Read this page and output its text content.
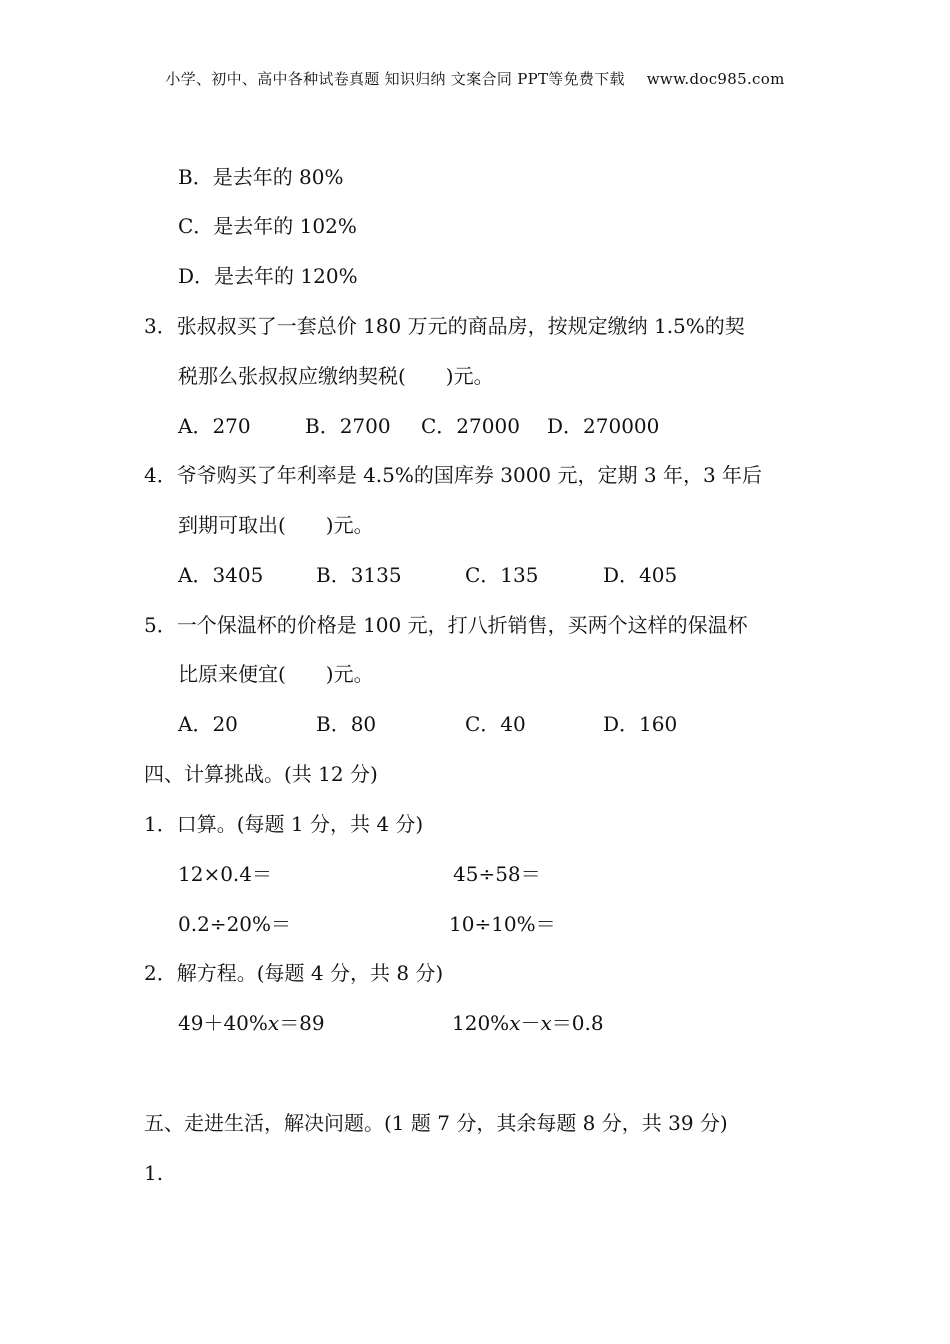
小学、初中、高中各种试卷真题 知识归纳 文案合同 PPT等免费下载 www.doc985.com
B．是去年的 80%
C．是去年的 102%
D．是去年的 120%
3．张叔叔买了一套总价 180 万元的商品房，按规定缴纳 1.5%的契
税那么张叔叔应缴纳契税(　　)元。
A．270	B．2700 C．27000 D．270000
4．爷爷购买了年利率是 4.5%的国库券 3000 元，定期 3 年，3 年后
到期可取出(　　)元。
A．3405	B．3135	C．135	D．405
5．一个保温杯的价格是 100 元，打八折销售，买两个这样的保温杯
比原来便宜(　　)元。
A．20	B．80	C．40	D．160
四、计算挑战。(共 12 分)
1．口算。(每题 1 分，共 4 分)
12×0.4＝	45÷58＝
0.2÷20%＝	10÷10%＝
2．解方程。(每题 4 分，共 8 分)
49＋40%x＝89	120%x－x＝0.8
五、走进生活，解决问题。(1 题 7 分，其余每题 8 分，共 39 分)
1.
